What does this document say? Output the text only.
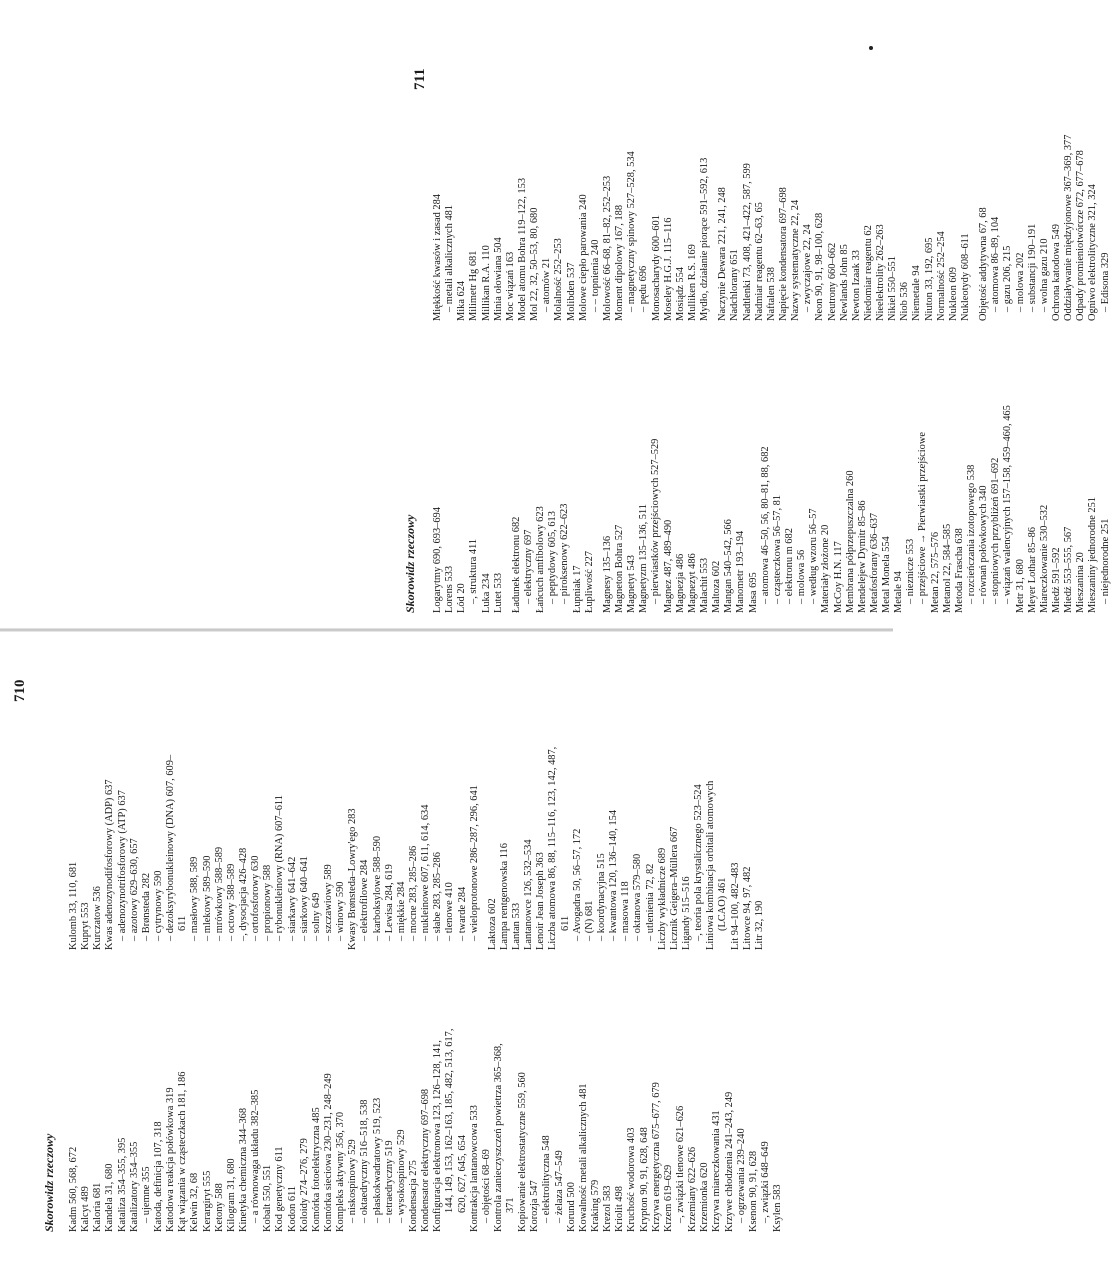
Skorowidz rzeczowy
710
Kadm 560, 568, 672 Kalcyt 489 Kaloria 681 Kandela 31, 680 Kataliza 354–355, 395 Katalizatory 354–355 – ujemne 355 Katoda, definicja 107, 318 Katodowa reakcja połówkowa 319 Kąt wiązania w cząsteczkach 181, 186 Kelwin 32, 68 Kerargiryt 555 Ketony 588 Kilogram 31, 680 Kinetyka chemiczna 344–368 – a równowaga układu 382–385 Kobalt 550, 551 Kod genetyczny 611 Kodon 611 Koloidy 274–276, 279 Komórka fotoelektryczna 485 Komórka sieciowa 230–231, 248–249 Kompleks aktywny 356, 370 – niskospinowy 529 – oktaedryczny 516–518, 538 – płaskokwadratowy 519, 523 – tetraedryczny 519 – wysokospinowy 529 Kondensacja 275 Kondensator elektryczny 697–698 Konfiguracja elektronowa 123, 126–128, 141, 144, 149, 153, 162–163, 185, 482, 513, 617, 620, 627, 645, 654 Kontrakcja lantanowcowa 533 – objętości 68–69 Kontrola zanieczyszczeń powietrza 365–368, 371 Kopiowanie elektrostatyczne 559, 560 Korozja 547 – elektrolityczna 548 – żelaza 547–549 Korund 500 Kowalność metali alkalicznych 481 Kraking 579 Krezol 583 Kriolit 498 Kruchość wodorowa 403 Krypton 90, 91, 628, 648 Krzywa energetyczna 675–677, 679 Krzem 619–629 –, związki tlenowe 621–626 Krzemiany 622–626 Krzemionka 620 Krzywa miareczkowania 431 Krzywe chłodzenia 241–243, 249 – ogrzewania 239–240 Ksenon 90, 91, 628 –, związki 648–649 Ksylen 583
Kulomb 33, 110, 681 Kupryt 553 Kurczatow 536 Kwas adenozynodifosforowy (ADP) 637 – adenozynotrifosforowy (ATP) 637 – azotowy 629–630, 657 – Brønsteda 282 – cytrynowy 590 – dezoksyrybonukleinowy (DNA) 607, 609– 611 – masłowy 588, 589 – mlekowy 589–590 – mrówkowy 588–589 – octowy 588–589 –, dysocjacja 426–428 – ortofosforowy 630 – propionowy 588 – rybonukleinowy (RNA) 607–611 – siarkawy 641–642 – siarkowy 640–641 – solny 649 – szczawiowy 589 – winowy 590 Kwasy Brønsteda–Lowry'ego 283 – elektrofilowe 284 – karboksylowe 588–590 – Lewisa 284, 619 – miękkie 284 – mocne 283, 285–286 – nukleinowe 607, 611, 614, 634 – słabe 283, 285–286 – tlenowe 410 – twarde 284 – wieloprotonowe 286–287, 296, 641 Laktoza 602 Lampa rentgenowska 116 Lantan 533 Lantanowce 126, 532–534 Lenoir Jean Joseph 363 Liczba atomowa 86, 88, 115–116, 123, 142, 487, 611 – Avogadra 50, 56–57, 172 – (N) 681 – koordynacyjna 515 – kwantowa 120, 136–140, 154 – masowa 118 – oktanowa 579–580 – utlenienia 72, 82 Liczby wykładnicze 689 Licznik Geigera–Müllera 667 Ligandy 515–516 –, teoria pola krystalicznego 523–524 Liniowa kombinacja orbitali atomowych (LCAO) 461 Lit 94–100, 482–483 Litowce 94, 97, 482 Litr 32, 190
Skorowidz rzeczowy
711
Logarytmy 690, 693–694 Lorens 533 Lód 20 –, struktura 411 Luka 234 Lutet 533 Ładunek elektronu 682 – elektryczny 697 Łańcuch amfibolowy 623 – peptydowy 605, 613 – piroksenowy 622–623 Łupniak 17 Łupliwość 227 Magnesy 135–136 Magneton Bohra 527 Magnetyt 543 Magnetyzm 135–136, 511 – pierwiastków przejściowych 527–529 Magnez 487, 489–490 Magnezja 486 Magnezyt 486 Malachit 553 Maltoza 602 Mangan 540–542, 566 Manometr 193–194 Masa 695 – atomowa 46–50, 56, 80–81, 88, 682 – cząsteczkowa 56–57, 81 – elektronu m 682 – molowa 56 – według wzoru 56–57 Materiały złożone 20 McCoy H.N. 117 Membrana półprzepuszczalna 260 Mendelejew Dymitr 85–86 Metafosforany 636–637 Metal Monela 554 Metale 94 – nieznicze 553 – przejściowe → Pierwiastki przejściowe Metan 22, 575–576 Metanol 22, 584–585 Metoda Frascha 638 – rozcieńczania izotopowego 538 – równań połówkowych 340 – stopniowych przybliżeń 691–692 – wiązań walencyjnych 157–158, 459–460, 465 Metr 31, 680 Meyer Lothar 85–86 Miareczkowanie 530–532 Miedź 591–592 Miedź 553–555, 567 Mieszanina 20 Mieszaniny jednorodne 251 – niejednorodne 251
Miękkość kwasów i zasad 284 – metali alkalicznych 481 Mika 624 Milimetr Hg 681 Millikan R.A. 110 Minia ołowiana 504 Moc wiązań 163 Model atomu Bohra 119–122, 153 Mol 22, 32, 50–53, 80, 680 – atomów 21 Molalność 252–253 Molibden 537 Molowe ciepło parowania 240 – – topnienia 240 Molowość 66–68, 81–82, 252–253 Moment dipolowy 167, 188 – magnetyczny spinowy 527–528, 534 – pędu 696 Monosacharydy 600–601 Moseley H.G.J. 115–116 Mosiądz 554 Mulliken R.S. 169 Mydło, działanie piorące 591–592, 613 Naczynie Dewara 221, 241, 248 Nadchlorany 651 Nadtlenki 73, 408, 421–422, 587, 599 Nadmiar reagentu 62–63, 65 Naftalen 538 Napięcie kondensatora 697–698 Nazwy systematyczne 22, 24 – zwyczajowe 22, 24 Neon 90, 91, 98–100, 628 Neutrony 660–662 Newlands John 85 Newton Izaak 33 Niedomiar reagentu 62 Nieelektrolity 262–263 Nikiel 550–551 Niob 536 Niemetale 94 Niuton 33, 192, 695 Normalność 252–254 Nukleon 609 Nukleotydy 608–611 Objętość addytywna 67, 68 – atomowa 86–89, 104 – gazu 206, 215 – molowa 202 – substancji 190–191 – wolna gazu 210 Ochrona katodowa 549 Oddziaływanie międzyjonowe 367–369, 377 Odpady promieniotwórcze 672, 677–678 Ogniwo elektrolityczne 321, 324 – Edisona 329
